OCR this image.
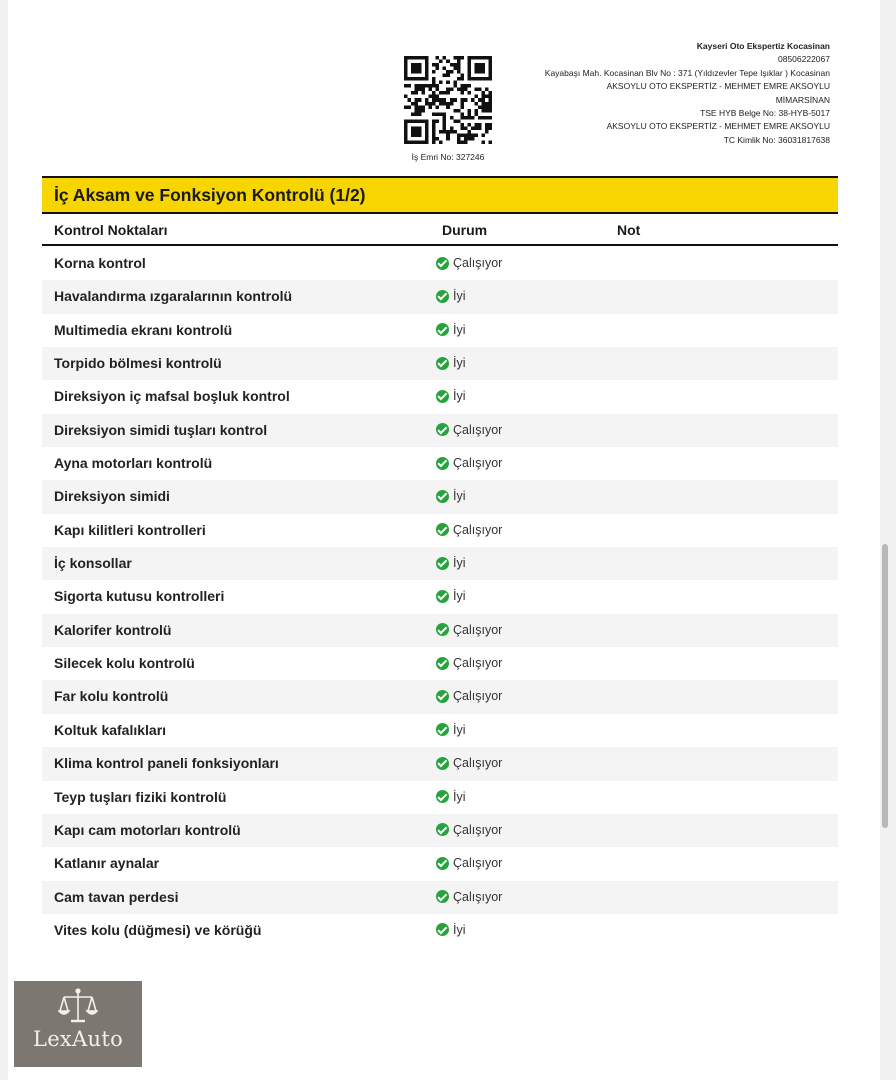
İş Emri No: 327246
Kayseri Oto Ekspertiz Kocasinan
08506222067
Kayabaşı Mah. Kocasinan Blv No : 371 (Yıldızevler Tepe Işıklar ) Kocasinan
AKSOYLU OTO EKSPERTİZ - MEHMET EMRE AKSOYLU
MİMARSİNAN
TSE HYB Belge No: 38-HYB-5017
AKSOYLU OTO EKSPERTİZ - MEHMET EMRE AKSOYLU
TC Kimlik No: 36031817638
İç Aksam ve Fonksiyon Kontrolü (1/2)
Kontrol Noktaları	Durum	Not
Korna kontrol	Çalışıyor
Havalandırma ızgaralarının kontrolü	İyi
Multimedia ekranı kontrolü	İyi
Torpido bölmesi kontrolü	İyi
Direksiyon iç mafsal boşluk kontrol	İyi
Direksiyon simidi tuşları kontrol	Çalışıyor
Ayna motorları kontrolü	Çalışıyor
Direksiyon simidi	İyi
Kapı kilitleri kontrolleri	Çalışıyor
İç konsollar	İyi
Sigorta kutusu kontrolleri	İyi
Kalorifer kontrolü	Çalışıyor
Silecek kolu kontrolü	Çalışıyor
Far kolu kontrolü	Çalışıyor
Koltuk kafalıkları	İyi
Klima kontrol paneli fonksiyonları	Çalışıyor
Teyp tuşları fiziki kontrolü	İyi
Kapı cam motorları kontrolü	Çalışıyor
Katlanır aynalar	Çalışıyor
Cam tavan perdesi	Çalışıyor
Vites kolu (düğmesi) ve körüğü	İyi
LexAuto
